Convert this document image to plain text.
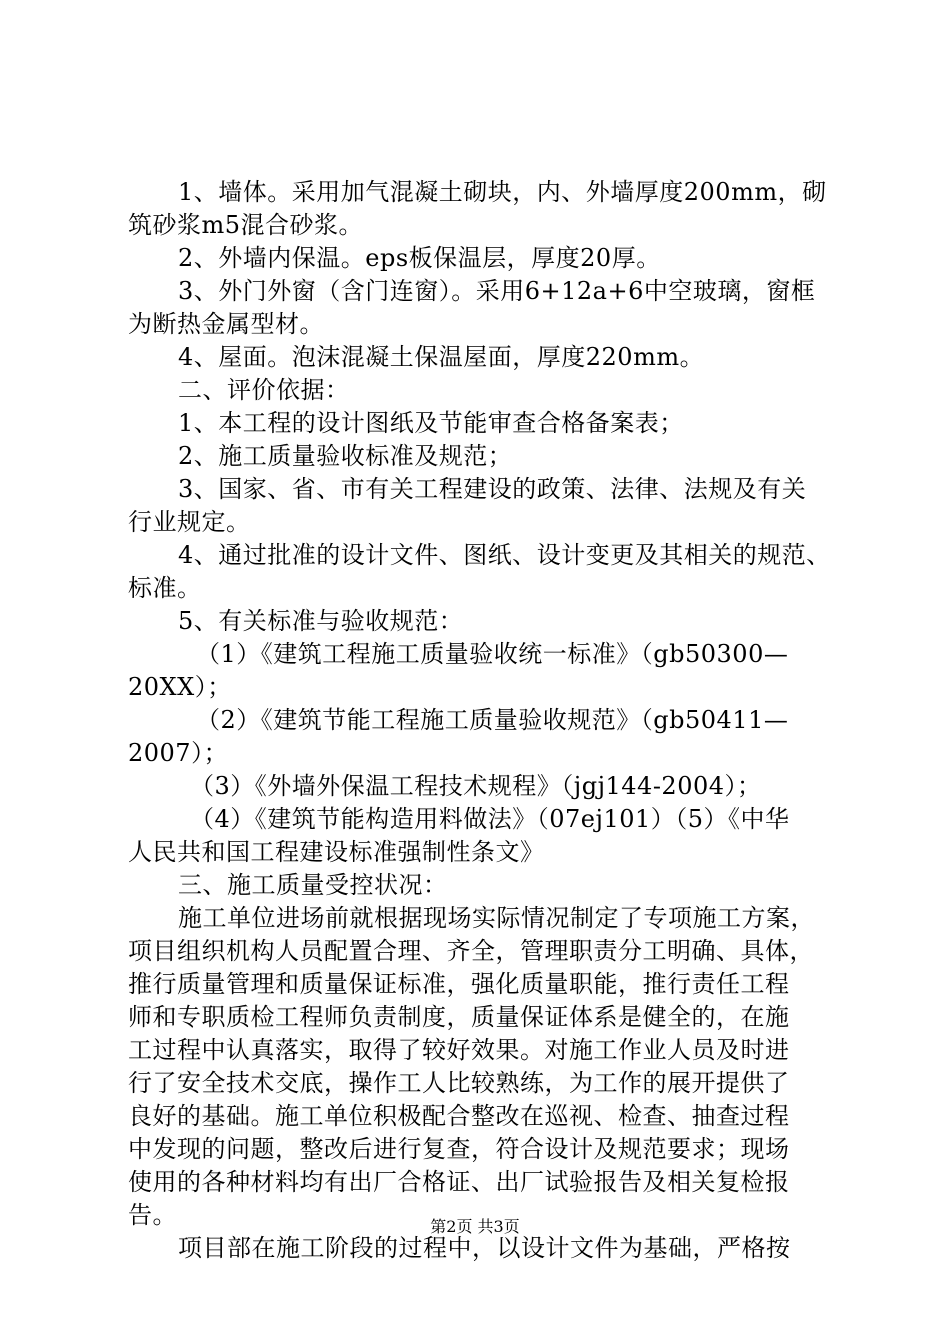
1、墙体。采用加气混凝土砌块，内、外墙厚度200mm，砌
筑砂浆m5混合砂浆。
2、外墙内保温。eps板保温层，厚度20厚。
3、外门外窗（含门连窗）。采用6+12a+6中空玻璃，窗框
为断热金属型材。
4、屋面。泡沫混凝土保温屋面，厚度220mm。
二、评价依据：
1、本工程的设计图纸及节能审查合格备案表；
2、施工质量验收标准及规范；
3、国家、省、市有关工程建设的政策、法律、法规及有关
行业规定。
4、通过批准的设计文件、图纸、设计变更及其相关的规范、
标准。
5、有关标准与验收规范：
（1）《建筑工程施工质量验收统一标准》（gb50300—
20XX）；
（2）《建筑节能工程施工质量验收规范》（gb50411—
2007）；
（3）《外墙外保温工程技术规程》（jgj144-2004）；
（4）《建筑节能构造用料做法》（07ej101）（5）《中华
人民共和国工程建设标准强制性条文》
三、施工质量受控状况：
施工单位进场前就根据现场实际情况制定了专项施工方案，
项目组织机构人员配置合理、齐全，管理职责分工明确、具体，
推行质量管理和质量保证标准，强化质量职能，推行责任工程
师和专职质检工程师负责制度，质量保证体系是健全的，在施
工过程中认真落实，取得了较好效果。对施工作业人员及时进
行了安全技术交底，操作工人比较熟练，为工作的展开提供了
良好的基础。施工单位积极配合整改在巡视、检查、抽查过程
中发现的问题，整改后进行复查，符合设计及规范要求；现场
使用的各种材料均有出厂合格证、出厂试验报告及相关复检报
告。
项目部在施工阶段的过程中，以设计文件为基础，严格按
第2页 共3页
